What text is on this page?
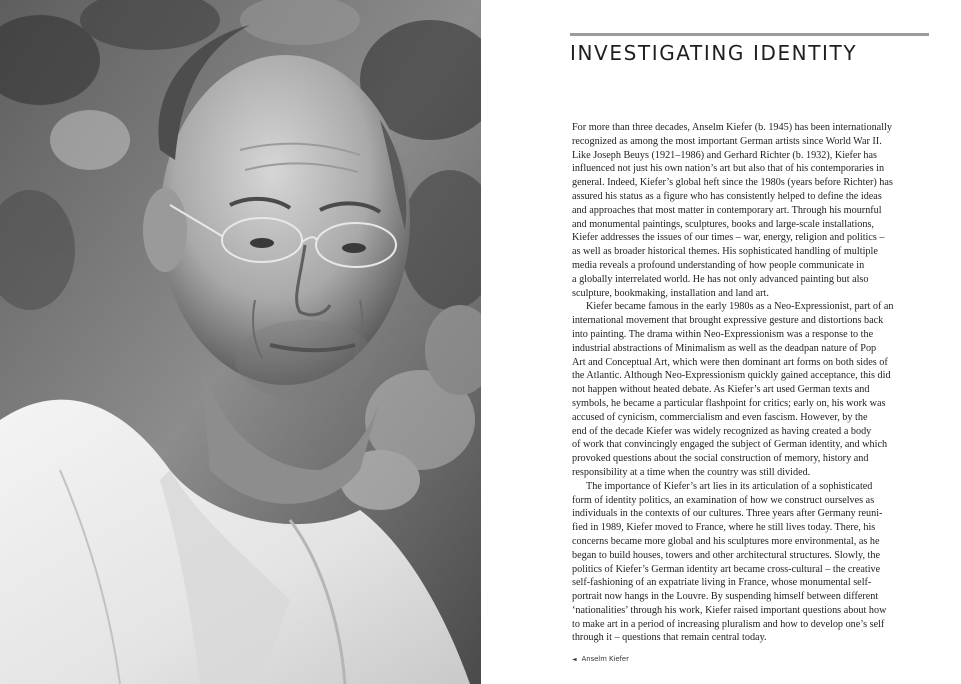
INVESTIGATING IDENTITY

For more than three decades, Anselm Kiefer (b. 1945) has been internationally
recognized as among the most important German artists since World War II.
Like Joseph Beuys (1921–1986) and Gerhard Richter (b. 1932), Kiefer has
influenced not just his own nation’s art but also that of his contemporaries in
general. Indeed, Kiefer’s global heft since the 1980s (years before Richter) has
assured his status as a figure who has consistently helped to define the ideas
and approaches that most matter in contemporary art. Through his mournful
and monumental paintings, sculptures, books and large-scale installations,
Kiefer addresses the issues of our times – war, energy, religion and politics –
as well as broader historical themes. His sophisticated handling of multiple
media reveals a profound understanding of how people communicate in
a globally interrelated world. He has not only advanced painting but also
sculpture, bookmaking, installation and land art.

Kiefer became famous in the early 1980s as a Neo-Expressionist, part of an
international movement that brought expressive gesture and distortions back
into painting. The drama within Neo-Expressionism was a response to the
industrial abstractions of Minimalism as well as the deadpan nature of Pop
Art and Conceptual Art, which were then dominant art forms on both sides of
the Atlantic. Although Neo-Expressionism quickly gained acceptance, this did
not happen without heated debate. As Kiefer’s art used German texts and
symbols, he became a particular flashpoint for critics; early on, his work was
accused of cynicism, commercialism and even fascism. However, by the
end of the decade Kiefer was widely recognized as having created a body
of work that convincingly engaged the subject of German identity, and which
provoked questions about the social construction of memory, history and
responsibility at a time when the country was still divided.

The importance of Kiefer’s art lies in its articulation of a sophisticated
form of identity politics, an examination of how we construct ourselves as
individuals in the contexts of our cultures. Three years after Germany reuni-
fied in 1989, Kiefer moved to France, where he still lives today. There, his
concerns became more global and his sculptures more environmental, as he
began to build houses, towers and other architectural structures. Slowly, the
politics of Kiefer’s German identity art became cross-cultural – the creative
self-fashioning of an expatriate living in France, whose monumental self-
portrait now hangs in the Louvre. By suspending himself between different
‘nationalities’ through his work, Kiefer raised important questions about how
to make art in a period of increasing pluralism and how to develop one’s self
through it – questions that remain central today.

◄ Anselm Kiefer
